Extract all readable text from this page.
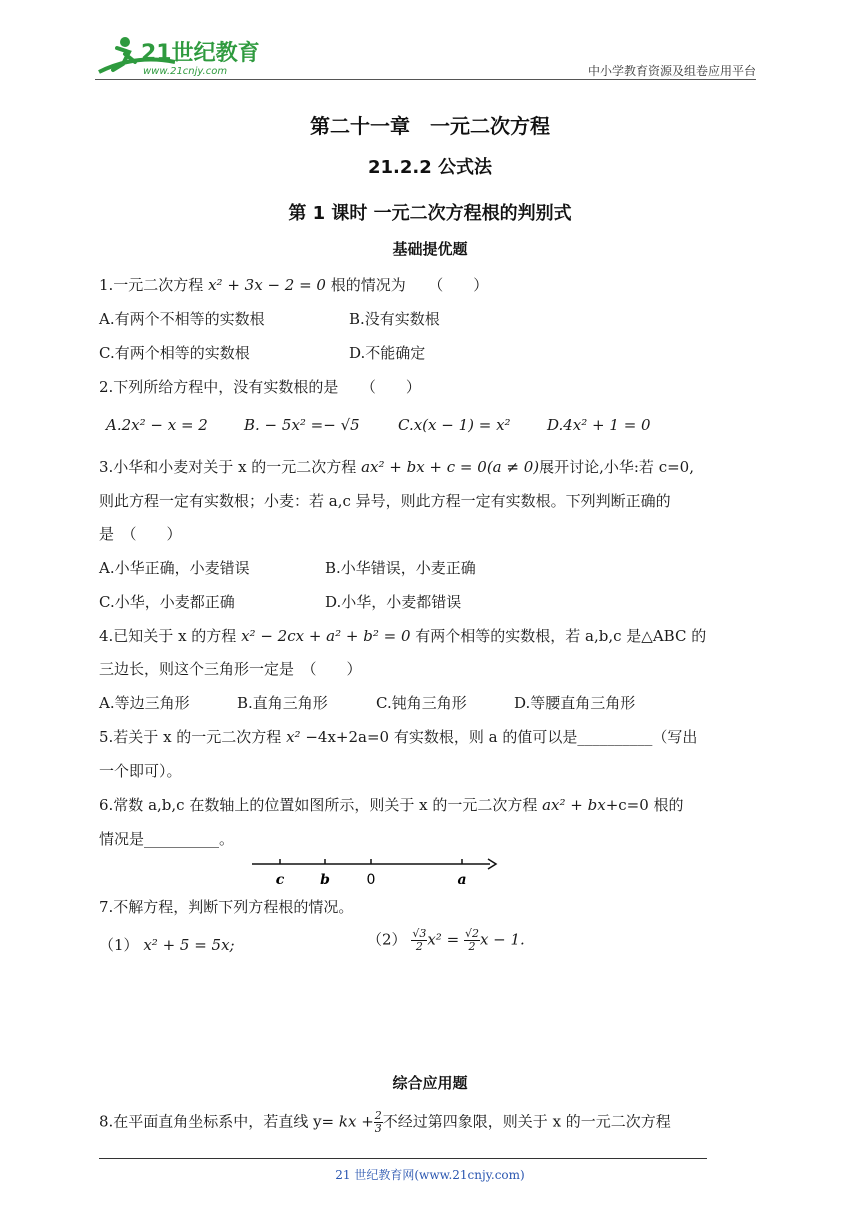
21世纪教育
www.21cnjy.com	中小学教育资源及组卷应用平台
第二十一章　一元二次方程
21.2.2 公式法
第 1 课时 一元二次方程根的判别式
基础提优题
1.一元二次方程 x² + 3x − 2 = 0 根的情况为　　（　　）
A.有两个不相等的实数根	B.没有实数根
C.有两个相等的实数根	D.不能确定
2.下列所给方程中，没有实数根的是　　（　　）
A.2x² − x = 2 B. − 5x² =− √5	C.x(x − 1) = x² D.4x² + 1 = 0
3.小华和小麦对关于 x 的一元二次方程 ax² + bx + c = 0(a ≠ 0)展开讨论,小华:若 c=0,
则此方程一定有实数根；小麦：若 a,c 异号，则此方程一定有实数根。下列判断正确的
是　（　　）
A.小华正确，小麦错误	B.小华错误，小麦正确
C.小华，小麦都正确	D.小华，小麦都错误
4.已知关于 x 的方程 x² − 2cx + a² + b² = 0 有两个相等的实数根，若 a,b,c 是△ABC 的
三边长，则这个三角形一定是　（　　）
A.等边三角形	B.直角三角形	C.钝角三角形	D.等腰直角三角形
5.若关于 x 的一元二次方程 x² −4x+2a=0 有实数根，则 a 的值可以是__________（写出
一个即可）。
6.常数 a,b,c 在数轴上的位置如图所示，则关于 x 的一元二次方程 ax² + bx+c=0 根的
情况是__________。
c	b	0	a
7.不解方程，判断下列方程根的情况。
（1） x² + 5 = 5x;	$(2) \frac{√3}{2} x^2 = \frac{√2}{2}$ x − 1.
综合应用题
8.在平面直角坐标系中，若直线 y= kx + $\frac{2}{3}$ 不经过第四象限，则关于 x 的一元二次方程
21 世纪教育网(www.21cnjy.com)
